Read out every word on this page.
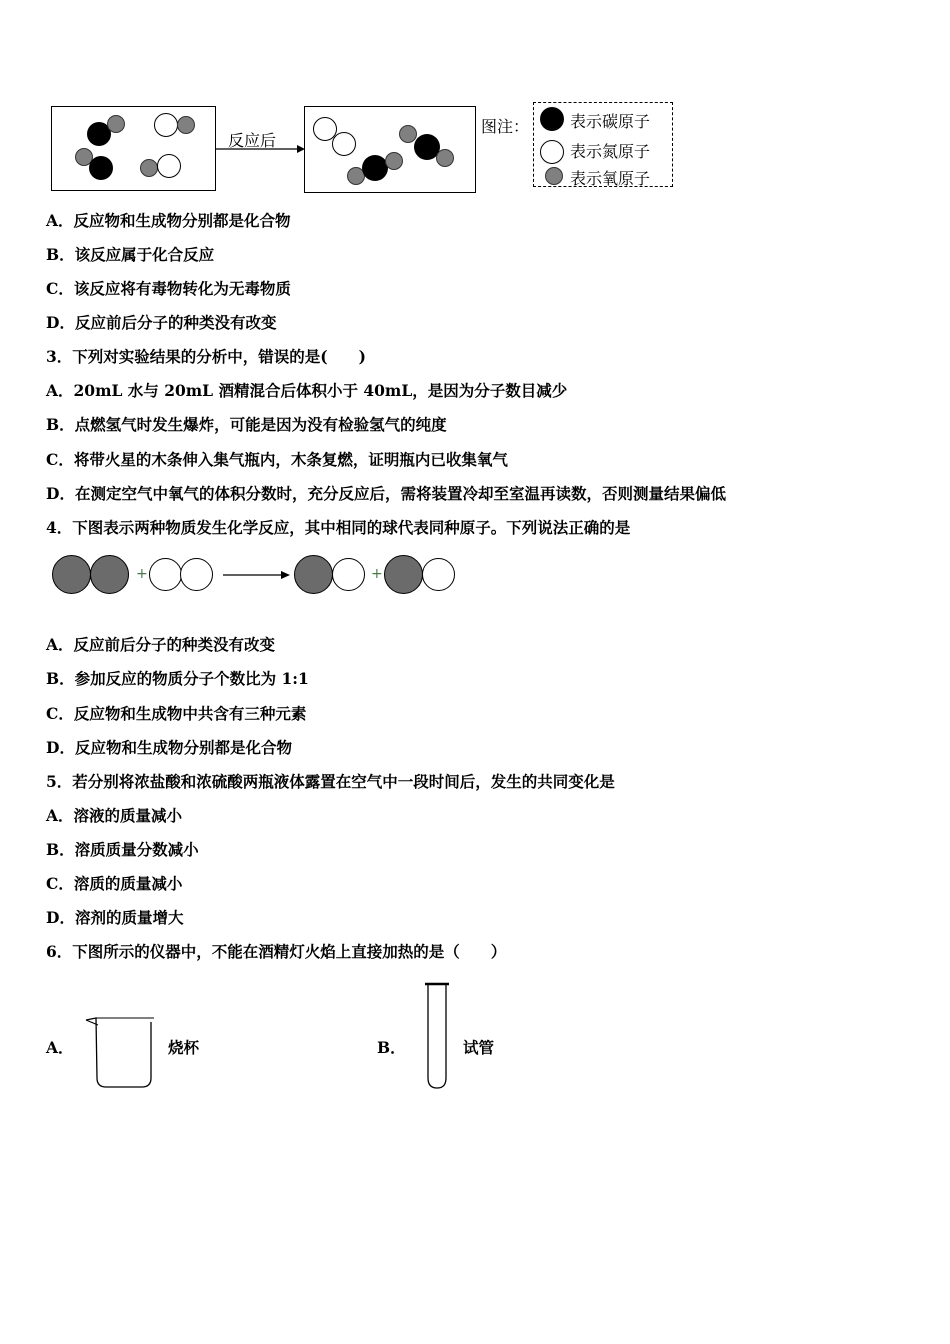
反应后
图注：	表示碳原子
表示氮原子
表示氧原子
A．反应物和生成物分别都是化合物
B．该反应属于化合反应
C．该反应将有毒物转化为无毒物质
D．反应前后分子的种类没有改变
3．下列对实验结果的分析中，错误的是(　　)
A．20mL 水与 20mL 酒精混合后体积小于 40mL，是因为分子数目减少
B．点燃氢气时发生爆炸，可能是因为没有检验氢气的纯度
C．将带火星的木条伸入集气瓶内，木条复燃，证明瓶内已收集氧气
D．在测定空气中氧气的体积分数时，充分反应后，需将装置冷却至室温再读数，否则测量结果偏低
4．下图表示两种物质发生化学反应，其中相同的球代表同种原子。下列说法正确的是
+	+
A．反应前后分子的种类没有改变
B．参加反应的物质分子个数比为 1:1
C．反应物和生成物中共含有三种元素
D．反应物和生成物分别都是化合物
5．若分别将浓盐酸和浓硫酸两瓶液体露置在空气中一段时间后，发生的共同变化是
A．溶液的质量减小
B．溶质质量分数减小
C．溶质的质量减小
D．溶剂的质量增大
6．下图所示的仪器中，不能在酒精灯火焰上直接加热的是（　　）
A．	烧杯	B．	试管
